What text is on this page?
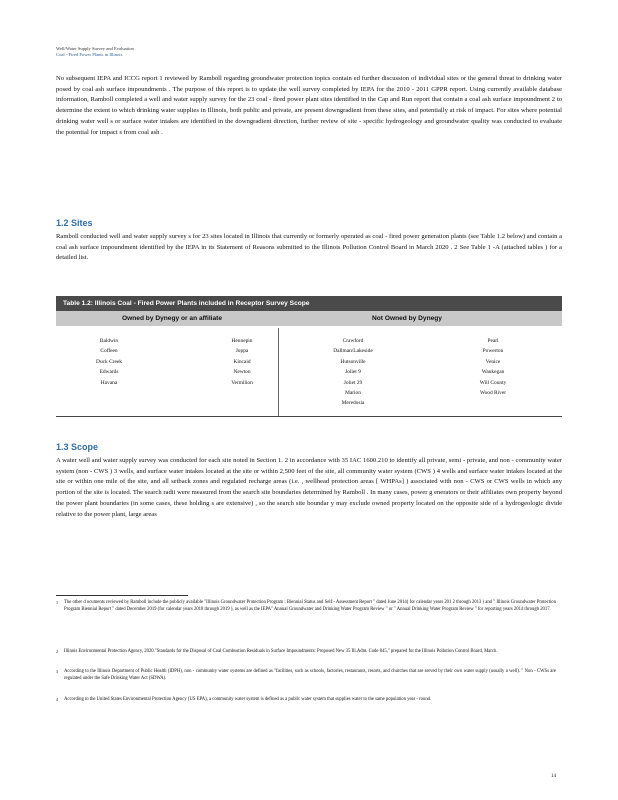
Well/Water Supply Survey and Evaluation
Coal - Fired Power Plants in Illinois
No subsequent IEPA and ICCG report 1 reviewed by Ramboll regarding groundwater protection topics contain ed further discussion of individual sites or the general threat to drinking water posed by coal ash surface impoundments . The purpose of this report is to update the well survey completed by IEPA for the 2010 - 2011 GPPR report. Using currently available database information, Ramboll completed a well and water supply survey for the 23 coal - fired power plant sites identified in the Cap and Run report that contain a coal ash surface impoundment 2 to determine the extent to which drinking water supplies in Illinois, both public and private, are present downgradient from these sites, and potentially at risk of impact. For sites where potential drinking water well s or surface water intakes are identified in the downgradient direction, further review of site - specific hydrogeology and groundwater quality was conducted to evaluate the potential for impact s from coal ash .
1.2 Sites
Ramboll conducted well and water supply survey s for 23 sites located in Illinois that currently or formerly operated as coal - fired power generation plants (see Table 1.2 below) and contain a coal ash surface impoundment identified by the IEPA in its Statement of Reasons submitted to the Illinois Pollution Control Board in March 2020 . 2 See Table 1 -A (attached tables ) for a detailed list.
Table 1.2: Illinois Coal - Fired Power Plants included in Receptor Survey Scope
Owned by Dynegy or an affiliate	Not Owned by Dynegy
Baldwin
Coffeen
Duck Creek
Edwards
Havana
Hennepin
Joppa
Kincaid
Newton
Vermilion
Crawford
Dallman/Lakeside
Hutsonville
Joliet 9
Joliet 29
Marion
Meredosia
Pearl
Powerton
Venice
Waukegan
Will County
Wood River
1.3 Scope
A water well and water supply survey was conducted for each site noted in Section 1. 2 in accordance with 35 IAC 1600.210 to identify all private, semi - private, and non - community water system (non - CWS ) 3 wells, and surface water intakes located at the site or within 2,500 feet of the site, all community water system (CWS ) 4 wells and surface water intakes located at the site or within one mile of the site, and all setback zones and regulated recharge areas (i.e. , wellhead protection areas [ WHPAs] ) associated with non - CWS or CWS wells in which any portion of the site is located. The search radii were measured from the search site boundaries determined by Ramboll . In many cases, power g enerators or their affiliates own property beyond the power plant boundaries (in some cases, these holding s are extensive) , so the search site boundar y may exclude owned property located on the opposite side of a hydrogeologic divide relative to the power plant, large areas
1 The other d ocuments reviewed by Ramboll include the publicly available "Illinois Groundwater Protection Program : Biennial Status and Self - Assessment Report " dated June 2014( for calendar years 201 2 through 2013 ) and " Illinois Groundwater Protection Program Biennial Report " dated December 2019 (for calendar years 2018 through 2019 ), as well as the IEPA" Annual Groundwater and Drinking Water Program Review " or " Annual Drinking Water Program Review " for reporting years 2014 through 2017.
2 Illinois Environmental Protection Agency, 2020."Standards for the Disposal of Coal Combustion Residuals in Surface Impoundments: Proposed New 35 Ill.Adm. Code 845," prepared for the Illinois Pollution Control Board, March.
3 According to the Illinois Department of Public Health (IDPH), non - community water systems are defined as "facilities, such as schools, factories, restaurants, resorts, and churches that are served by their own water supply (usually a well). " Non - CWSs are regulated under the Safe Drinking Water Act (SDWA).
4 According to the United States Environmental Protection Agency (US EPA), a community water system is defined as a public water system that supplies water to the same population year - round.
14
